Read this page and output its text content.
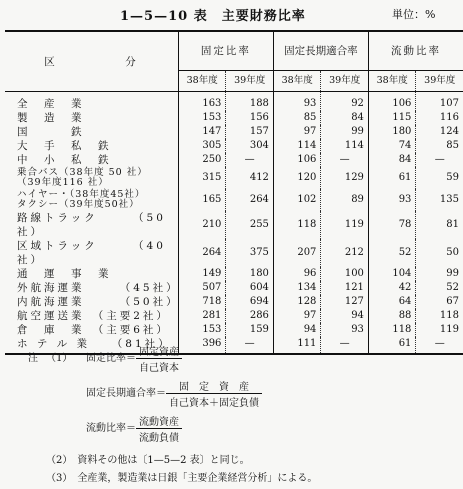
1—5—10 表　主要財務比率	単位：%
区　　　　　分	固定比率		固定長期適合率		流動比率	
	38年度	39年度	38年度	39年度	38年度	39年度
全　産　業	163	188	93	92	106	107
製　造　業	153	156	85	84	115	116
国　　　鉄	147	157	97	99	180	124
大　手　私　鉄	305	304	114	114	74	85
中　小　私　鉄	250	—	106	—	84	—
乗合バス（38年度 50 社）
（39年度116 社）	315	412	120	129	61	59
ハイヤー・（38年度45社）
タクシー（39年度50社）	165	264	102	89	93	135
路線トラック　　　（50社）	210	255	118	119	78	81
区域トラック　　　（40社）	264	375	207	212	52	50
通　運　事　業	149	180	96	100	104	99
外航海運業　　　（45社）	507	604	134	121	42	52
内航海運業　　　（50社）	718	694	128	127	64	67
航空運送業　（主要2社）	281	286	97	94	88	118
倉　庫　業　（主要6社）	153	159	94	93	118	119
ホ テ ル 業　　（81社）	396	—	111	—	61	—
注 （1） 固定比率＝ $\frac{\text{固定資産}}{\text{自己資本}}$
固定長期適合率＝ $\frac{\text{固　定　資　産}}{\text{自己資本＋固定負債}}$
流動比率＝ $\frac{\text{流動資産}}{\text{流動負債}}$
（2）　資料その他は〔1—5—2 表〕と同じ。
（3）　全産業，製造業は日銀「主要企業経営分析」による。
